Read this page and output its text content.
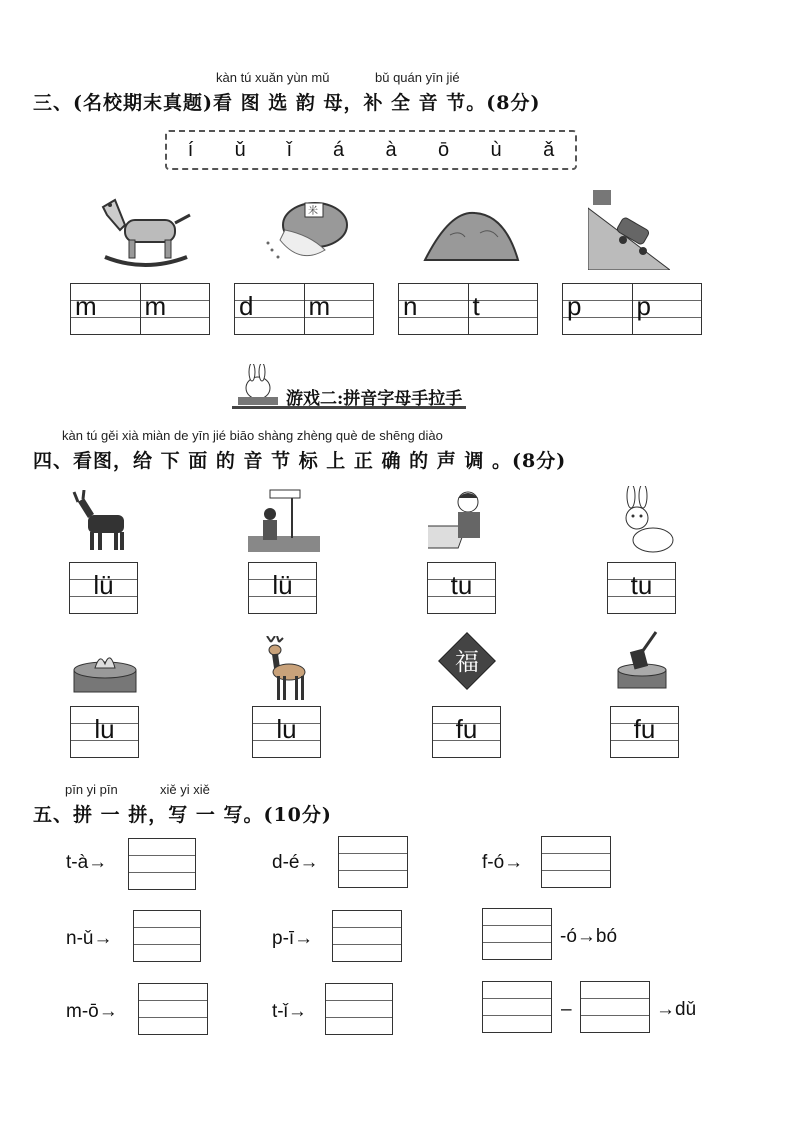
kàn tú xuǎn yùn mǔ	bǔ quán yīn jié
三、(名校期末真题)看 图 选 韵 母，补 全 音 节。(8分)
í ǔ ǐ á à ō ù ǎ
米
m	m	d	m	n	t	p	p
游戏二:拼音字母手拉手
kàn tú gěi xià miàn de yīn jié biāo shàng zhèng què de shēng diào
四、看图，给 下 面 的 音 节 标 上 正 确 的 声 调 。(8分)
lü	lü	tu	tu
福
lu	lu	fu	fu
pīn yi pīn	xiě yi xiě
五、拼 一 拼，写 一 写。(10分)
t-à→	d-é→	f-ó→
n-ǔ→	p-ī→	-ó→bó
m-ō→	t-ǐ→	–	→dǔ
